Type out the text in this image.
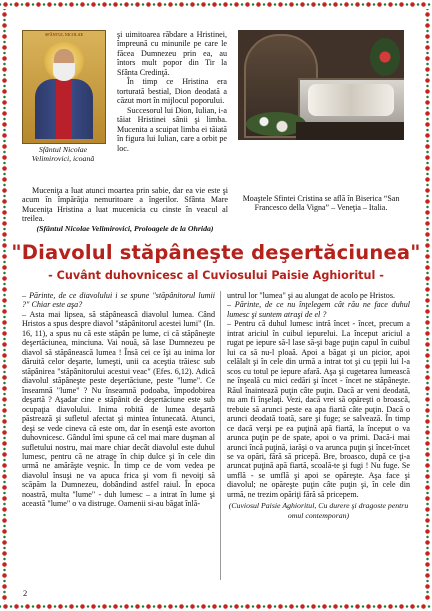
SFÂNTUL NICOLAE
Sfântul Nicolae Velimirovici, icoană

şi uimitoarea răbdare a Hristinei, împreună cu minunile pe care le făcea Dumnezeu prin ea, au întors mult popor din Tir la Sfânta Credinţă.

În timp ce Hristina era torturată bestial, Dion deodată a căzut mort în mijlocul poporului.

Succesorul lui Dion, Iulian, i-a tăiat Hristinei sânii şi limba. Mucenita a scuipat limba ei tăiată în figura lui Iulian, care a orbit pe loc.

Muceniţa a luat atunci moartea prin sabie, dar ea vie este şi acum în împărăţia nemuritoare a îngerilor. Sfânta Mare Muceniţa Hristina a luat mucenicia cu cinste în veacul al treilea.

(Sfântul Nicolae Velimirovici, Proloagele de la Ohrida)

Moaştele Sfintei Cristina se află în Biserica “San Francesco della Vigna” – Veneţia – Italia.
"Diavolul stăpâneşte deşertăciunea"
- Cuvânt duhovnicesc al Cuviosului Paisie Aghioritul -

– Părinte, de ce diavolului i se spune "stăpânitorul lumii ?" Chiar este aşa?

– Asta mai lipsea, să stăpânească diavolul lumea. Când Hristos a spus despre diavol "stăpânitorul acestei lumi" (In. 16, 11), a spus nu că este stăpân pe lume, ci că stăpâneşte deşertăciunea, minciuna. Vai nouă, să lase Dumnezeu pe diavol să stăpânească lumea ! Însă cei ce îşi au inima lor dăruită celor deşarte, lumeşti, unii ca aceştia trăiesc sub stăpânirea "stăpânitorului acestui veac" (Efes. 6,12). Adică diavolul stăpâneşte peste deşertăciune, peste "lume". Ce înseamnă "lume" ? Nu înseamnă podoaba, împodobirea deşartă ? Aşadar cine e stăpânit de deşertăciune este sub ocupaţia diavolului. Inima robită de lumea deşartă păstrează şi sufletul afectat şi mintea întunecată. Atunci, deşi se vede cineva că este om, dar în esenţă este avorton duhovnicesc. Gândul îmi spune că cel mai mare duşman al sufletului nostru, mai mare chiar decât diavolul este duhul lumesc, pentru că ne atrage în chip dulce şi în cele din urmă ne amărăşte veşnic. În timp ce de vom vedea pe diavolul însuşi ne va apuca frica şi vom fi nevoiţi să scăpăm la Dumnezeu, dobândind astfel raiul. În epoca noastră, multa "lume" - duh lumesc – a intrat în lume şi această "lume" o va distruge. Oamenii si-au băgat înlă-

untrul lor "lumea" şi au alungat de acolo pe Hristos.

– Părinte, de ce nu înţelegem cât rău ne face duhul lumesc şi suntem atraşi de el ?

– Pentru că duhul lumesc intră încet - încet, precum a intrat ariciul în cuibul iepurelui. La început ariciul a rugat pe iepure să-l lase să-şi bage puţin capul în cuibul lui ca să nu-l ploaă. Apoi a băgat şi un picior, apoi celălalt şi în cele din urmă a intrat tot şi cu ţepii lui l-a scos cu totul pe iepure afară. Aşa şi cugetarea lumească ne înşeală cu mici cedări şi încet - încet ne stăpâneşte. Răul înaintează puţin câte puţin. Dacă ar veni deodată, nu am fi înşelaţi. Vezi, dacă vrei să opăreşti o broască, trebuie să arunci peste ea apa fiartă câte puţin. Dacă o arunci deodată toată, sare şi fuge; se salvează. În timp ce dacă verşi pe ea puţină apă fiartă, la început o va arunca puţin pe de spate, apoi o va primi. Dacă-i mai arunci încă puţină, iarăşi o va arunca puţin şi încet-încet se va opări, fără să pricepă. Bre, broasco, după ce ţi-a aruncat puţină apă fiartă, scoală-te şi fugi ! Nu fuge. Se umflă - se umflă şi apoi se opăreşte. Aşa face şi diavolul; ne opăreşte puţin câte puţin şi, în cele din urmă, ne trezim opăriţi fără să pricepem.

(Cuviosul Paisie Aghioritul, Cu durere şi dragoste pentru omul contemporan)
2
